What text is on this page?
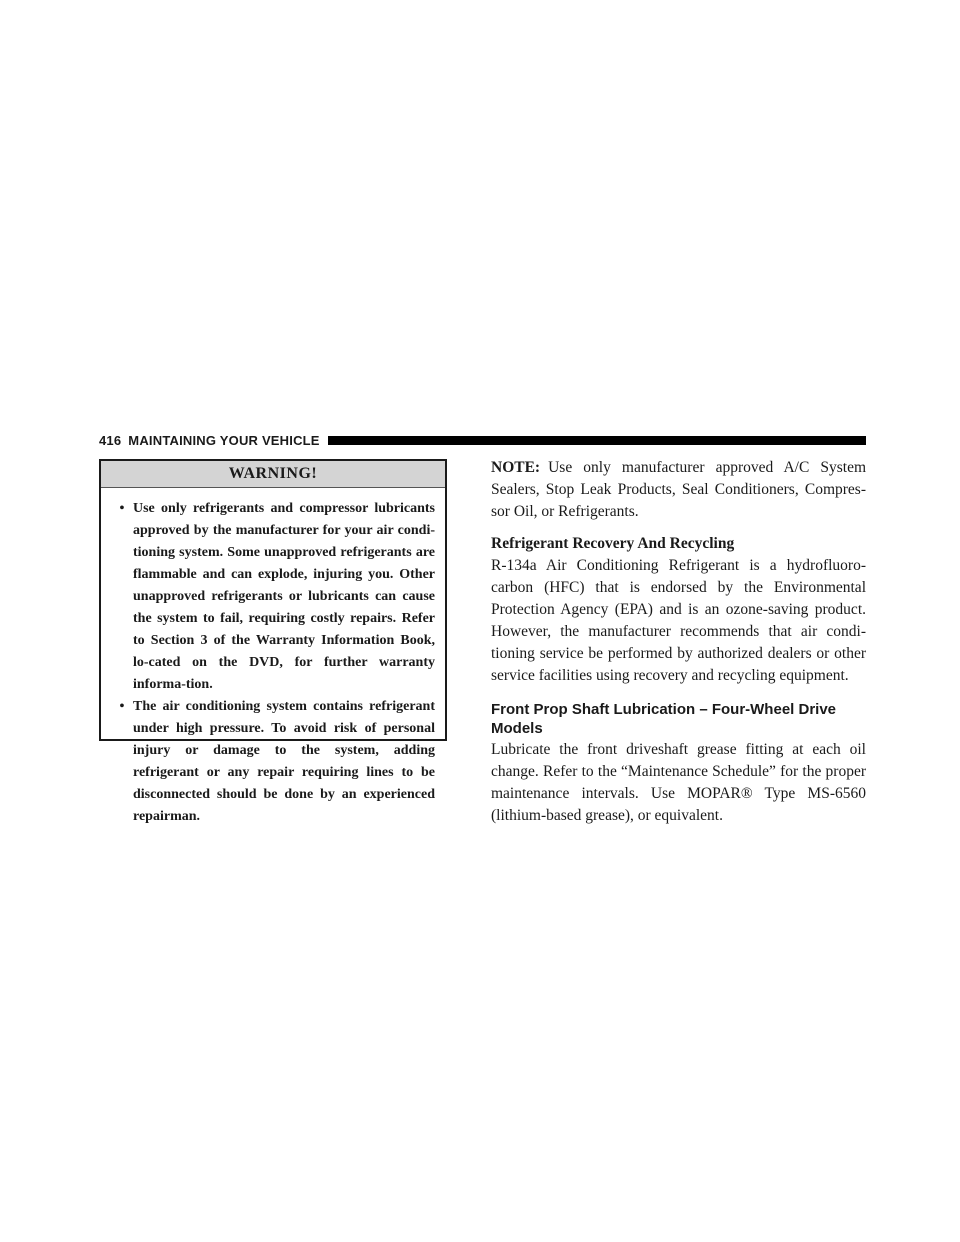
416 MAINTAINING YOUR VEHICLE
WARNING!
• Use only refrigerants and compressor lubricants approved by the manufacturer for your air condi-tioning system. Some unapproved refrigerants are flammable and can explode, injuring you. Other unapproved refrigerants or lubricants can cause the system to fail, requiring costly repairs. Refer to Section 3 of the Warranty Information Book, lo-cated on the DVD, for further warranty informa-tion.
• The air conditioning system contains refrigerant under high pressure. To avoid risk of personal injury or damage to the system, adding refrigerant or any repair requiring lines to be disconnected should be done by an experienced repairman.

NOTE: Use only manufacturer approved A/C System Sealers, Stop Leak Products, Seal Conditioners, Compres-sor Oil, or Refrigerants.

Refrigerant Recovery And Recycling

R-134a Air Conditioning Refrigerant is a hydrofluoro-carbon (HFC) that is endorsed by the Environmental Protection Agency (EPA) and is an ozone-saving product. However, the manufacturer recommends that air condi-tioning service be performed by authorized dealers or other service facilities using recovery and recycling equipment.

Front Prop Shaft Lubrication – Four-Wheel Drive
Models

Lubricate the front driveshaft grease fitting at each oil change. Refer to the “Maintenance Schedule” for the proper maintenance intervals. Use MOPAR® Type MS-6560 (lithium-based grease), or equivalent.
